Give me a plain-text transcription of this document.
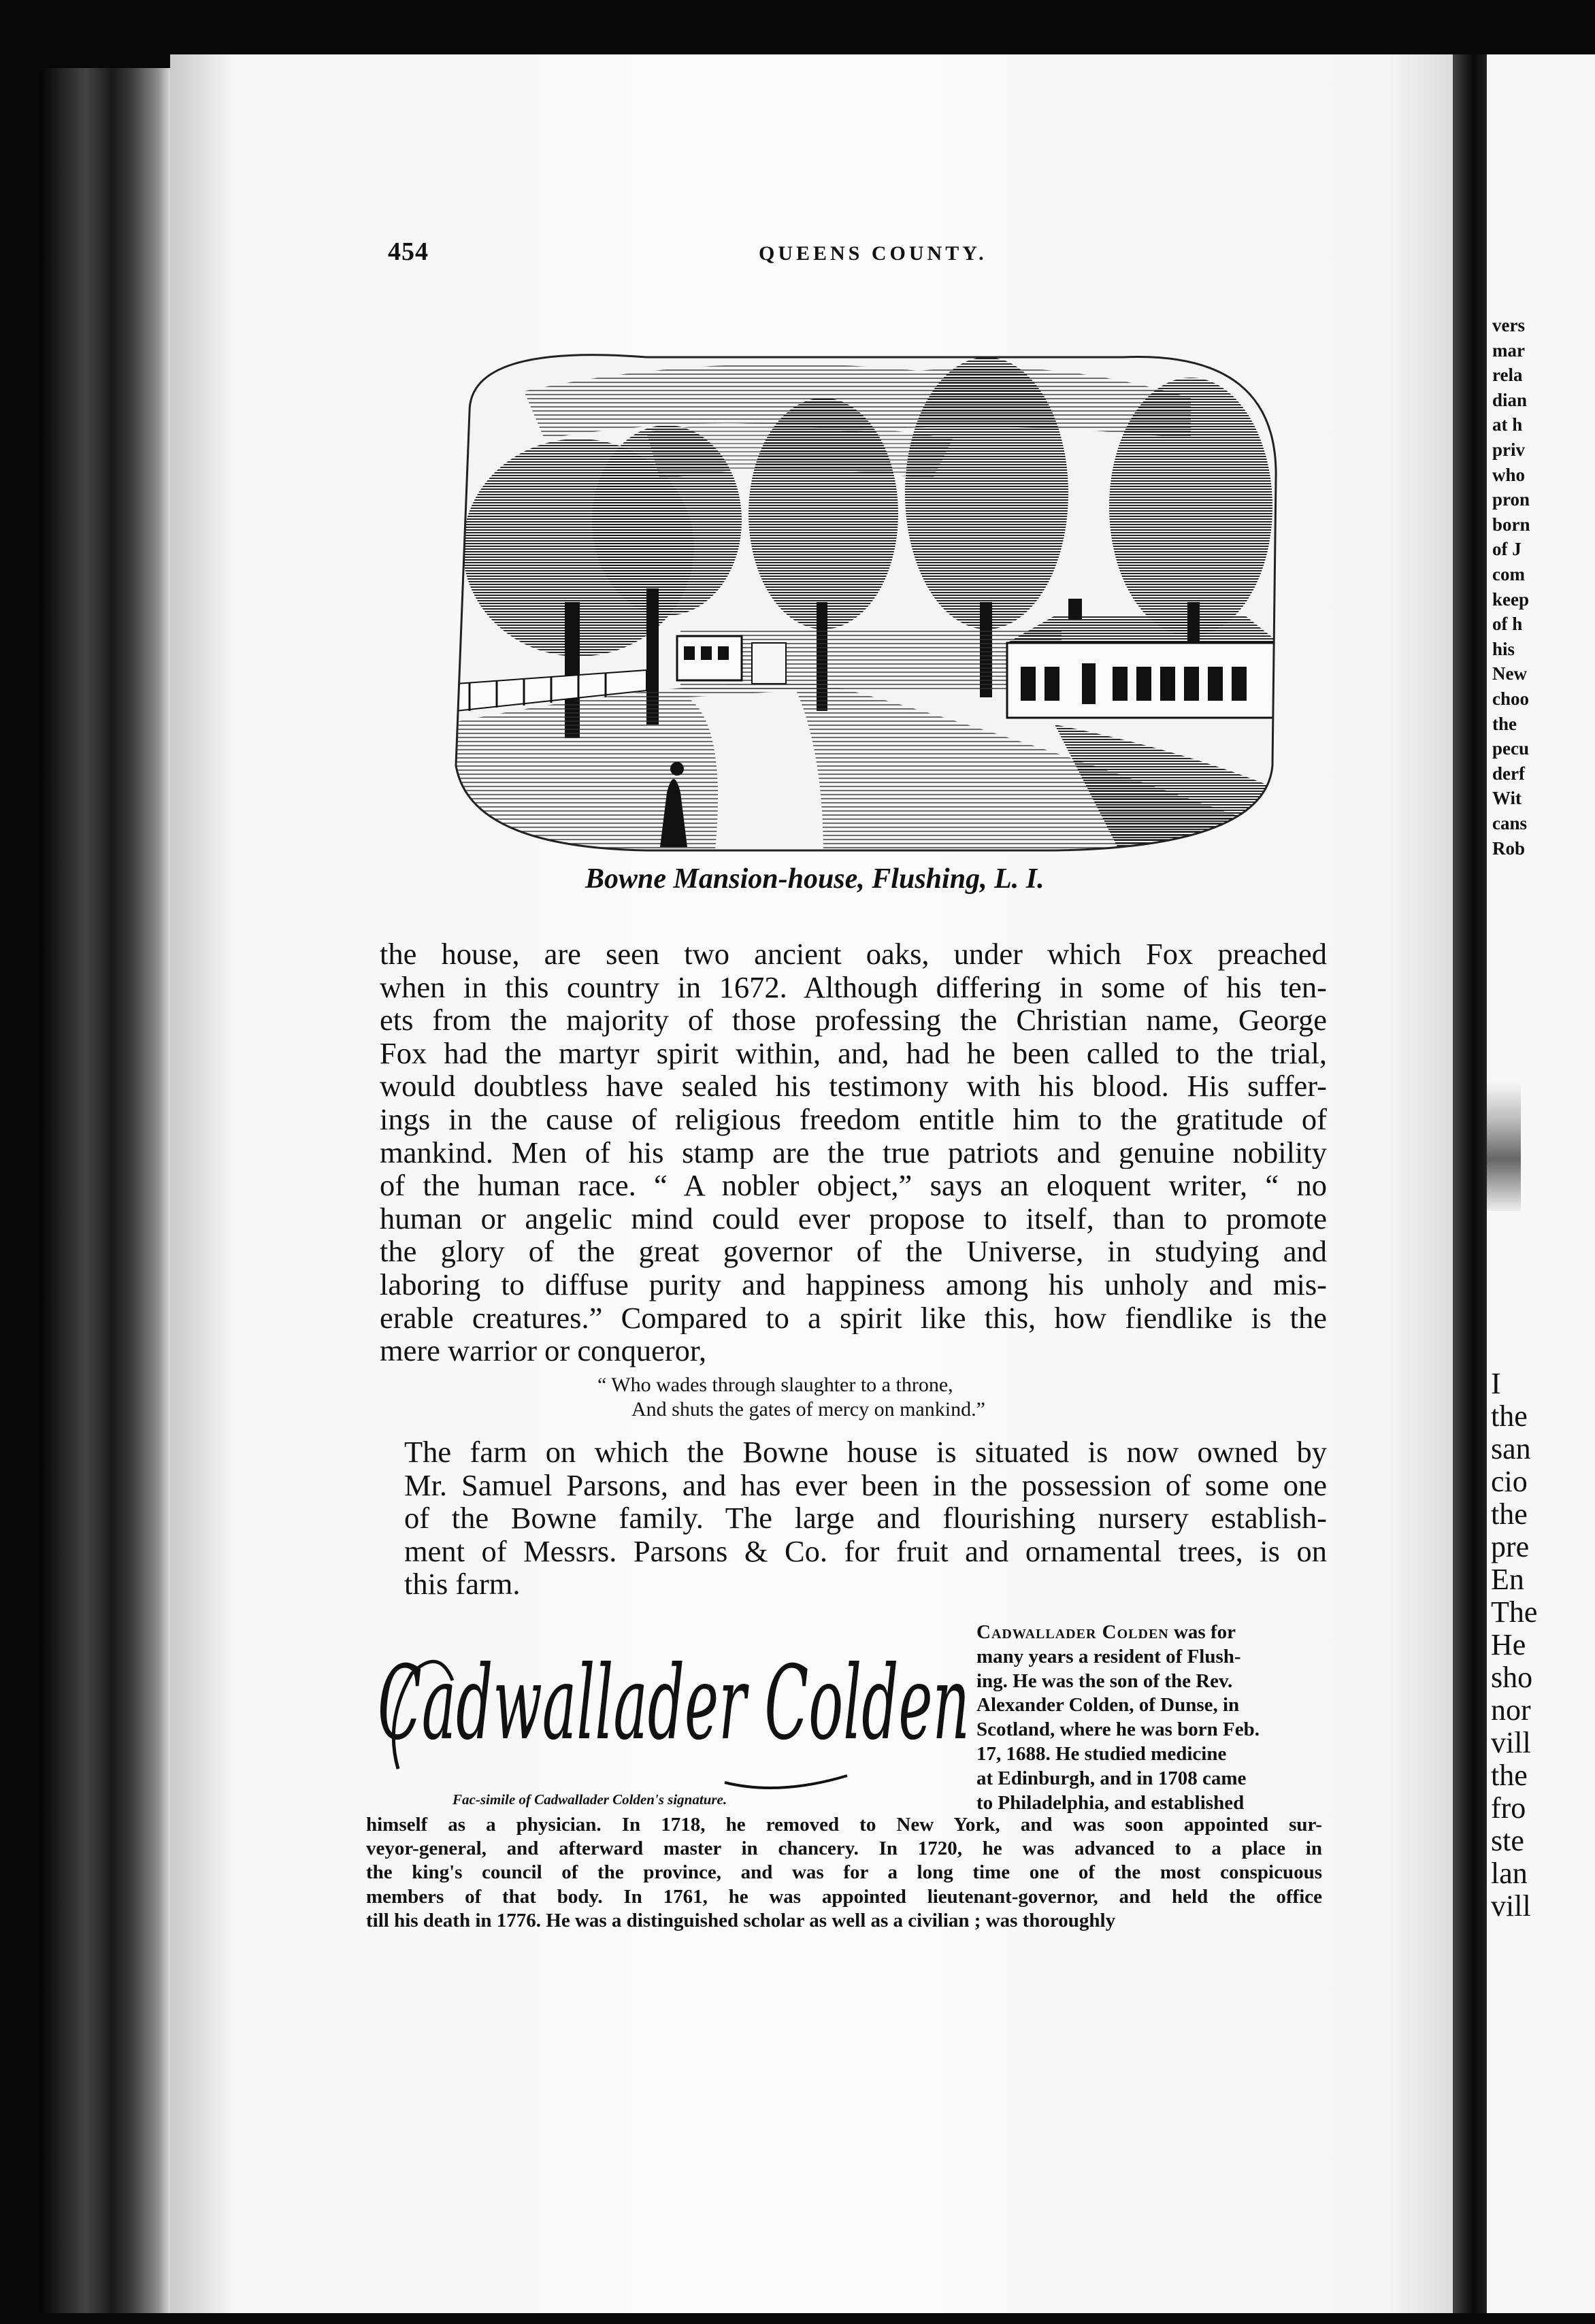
vers
mar
rela
dian
at h
priv
who
pron
born
of J
com
keep
of h
his
New
choo
the
pecu
derf
Wit
cans
Rob
I
the
san
cio
the
pre
En
The
He
sho
nor
vill
the
fro
ste
lan
vill
454	QUEENS COUNTY.
Bowne Mansion-house, Flushing, L. I.
the house, are seen two ancient oaks, under which Fox preached
when in this country in 1672. Although differing in some of his ten-
ets from the majority of those professing the Christian name, George
Fox had the martyr spirit within, and, had he been called to the trial,
would doubtless have sealed his testimony with his blood. His suffer-
ings in the cause of religious freedom entitle him to the gratitude of
mankind. Men of his stamp are the true patriots and genuine nobility
of the human race. “ A nobler object,” says an eloquent writer, “ no
human or angelic mind could ever propose to itself, than to promote
the glory of the great governor of the Universe, in studying and
laboring to diffuse purity and happiness among his unholy and mis-
erable creatures.” Compared to a spirit like this, how fiendlike is the
mere warrior or conqueror,
“ Who wades through slaughter to a throne,
And shuts the gates of mercy on mankind.”
The farm on which the Bowne house is situated is now owned by
Mr. Samuel Parsons, and has ever been in the possession of some one
of the Bowne family. The large and flourishing nursery establish-
ment of Messrs. Parsons & Co. for fruit and ornamental trees, is on
this farm.
Cadwallader Colden
Fac-simile of Cadwallader Colden's signature.
Cadwallader Colden was for
many years a resident of Flush-
ing. He was the son of the Rev.
Alexander Colden, of Dunse, in
Scotland, where he was born Feb.
17, 1688. He studied medicine
at Edinburgh, and in 1708 came
to Philadelphia, and established
himself as a physician. In 1718, he removed to New York, and was soon appointed sur-
veyor-general, and afterward master in chancery. In 1720, he was advanced to a place in
the king's council of the province, and was for a long time one of the most conspicuous
members of that body. In 1761, he was appointed lieutenant-governor, and held the office
till his death in 1776. He was a distinguished scholar as well as a civilian ; was thoroughly
